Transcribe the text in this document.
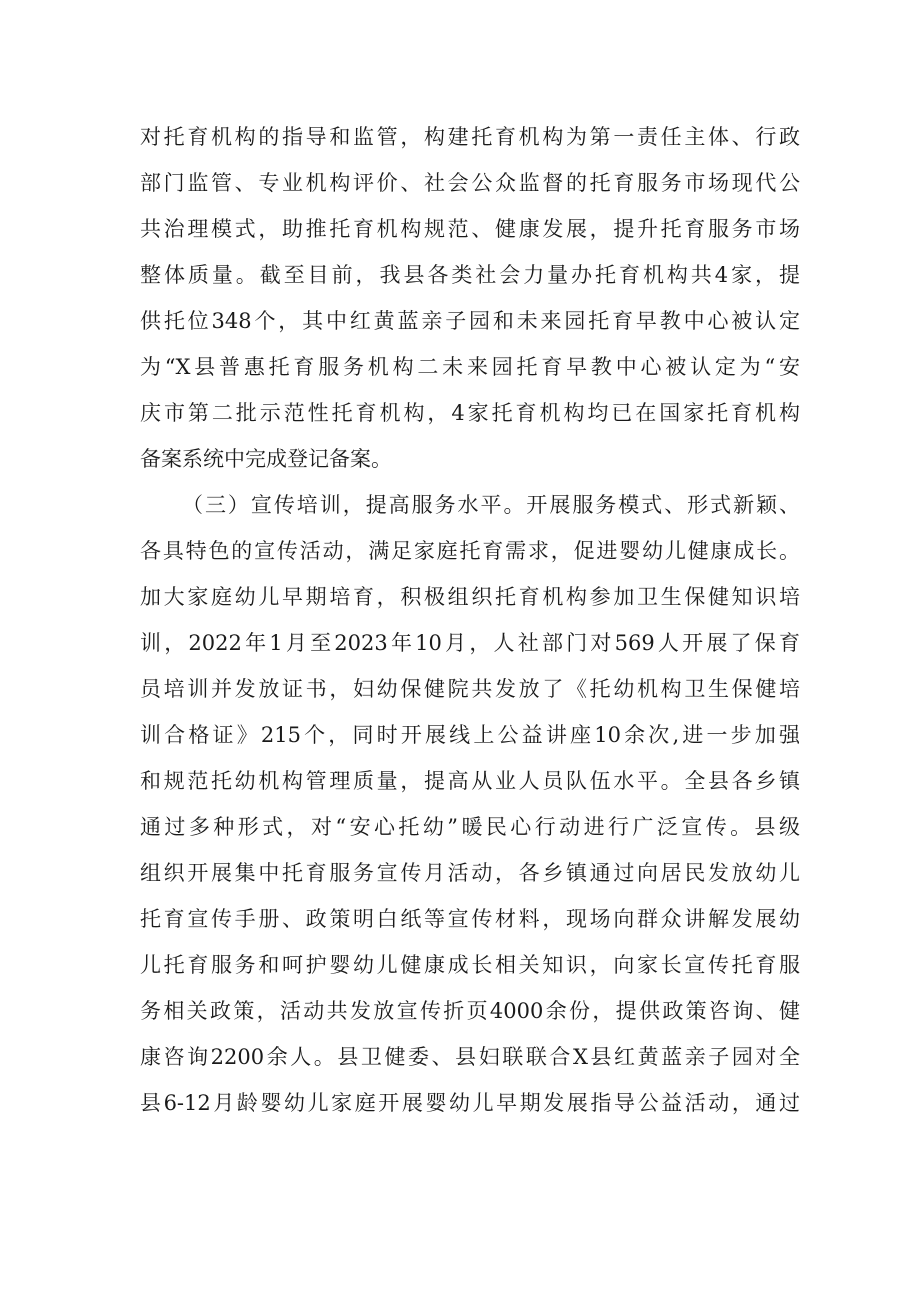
对托育机构的指导和监管，构建托育机构为第一责任主体、行政
部门监管、专业机构评价、社会公众监督的托育服务市场现代公
共治理模式，助推托育机构规范、健康发展，提升托育服务市场
整体质量。截至目前，我县各类社会力量办托育机构共4家，提
供托位348个，其中红黄蓝亲子园和未来园托育早教中心被认定
为“X县普惠托育服务机构二未来园托育早教中心被认定为“安
庆市第二批示范性托育机构，4家托育机构均已在国家托育机构
备案系统中完成登记备案。
（三）宣传培训，提高服务水平。开展服务模式、形式新颖、
各具特色的宣传活动，满足家庭托育需求，促进婴幼儿健康成长。
加大家庭幼儿早期培育，积极组织托育机构参加卫生保健知识培
训，2022年1月至2023年10月，人社部门对569人开展了保育
员培训并发放证书，妇幼保健院共发放了《托幼机构卫生保健培
训合格证》215个，同时开展线上公益讲座10余次,进一步加强
和规范托幼机构管理质量，提高从业人员队伍水平。全县各乡镇
通过多种形式，对“安心托幼”暖民心行动进行广泛宣传。县级
组织开展集中托育服务宣传月活动，各乡镇通过向居民发放幼儿
托育宣传手册、政策明白纸等宣传材料，现场向群众讲解发展幼
儿托育服务和呵护婴幼儿健康成长相关知识，向家长宣传托育服
务相关政策，活动共发放宣传折页4000余份，提供政策咨询、健
康咨询2200余人。县卫健委、县妇联联合X县红黄蓝亲子园对全
县6-12月龄婴幼儿家庭开展婴幼儿早期发展指导公益活动，通过
